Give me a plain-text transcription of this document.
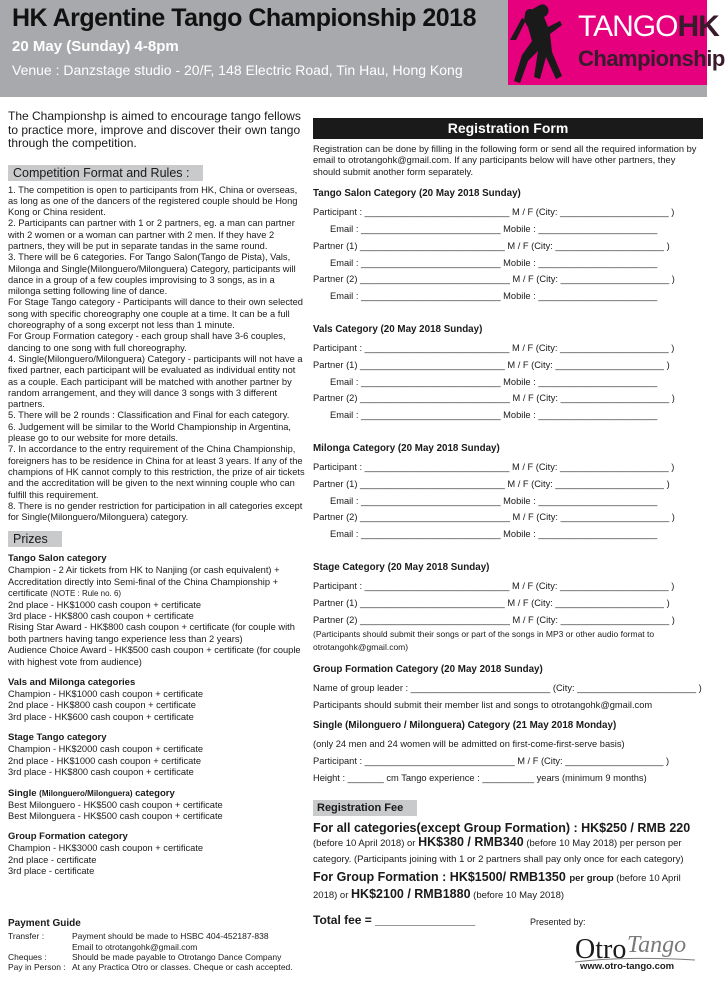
HK Argentine Tango Championship 2018
20 May (Sunday) 4-8pm
Venue : Danzstage studio - 20/F, 148 Electric Road, Tin Hau, Hong Kong
TANGOHK
Championship
The Championshp is aimed to encourage tango fellows to practice more, improve and discover their own tango through the competition.
Competition Format and Rules :
1. The competition is open to participants from HK, China or overseas, as long as one of the dancers of the registered couple should be Hong Kong or China resident.
2. Participants can partner with 1 or 2 partners, eg. a man can partner with 2 women or a woman can partner with 2 men. If they have 2 partners, they will be put in separate tandas in the same round.
3. There will be 6 categories. For Tango Salon(Tango de Pista), Vals, Milonga and Single(Milonguero/Milonguera) Category, participants will dance in a group of a few couples improvising to 3 songs, as in a milonga setting following line of dance.
For Stage Tango category - Participants will dance to their own selected song with specific choreography one couple at a time. It can be a full choreography of a song excerpt not less than 1 minute.
For Group Formation category - each group shall have 3-6 couples, dancing to one song with full choreography.
4. Single(Milonguero/Milonguera) Category - participants will not have a fixed partner, each participant will be evaluated as individual entity not as a couple. Each participant will be matched with another partner by random arrangement, and they will dance 3 songs with 3 different partners.
5. There will be 2 rounds : Classification and Final for each category.
6. Judgement will be similar to the World Championship in Argentina, please go to our website for more details.
7. In accordance to the entry requirement of the China Championship, foreigners has to be residence in China for at least 3 years. If any of the champions of HK cannot comply to this restriction, the prize of air tickets and the accreditation will be given to the next winning couple who can fulfill this requirement.
8. There is no gender restriction for participation in all categories except for Single(Milonguero/Milonguera) category.
Prizes
Tango Salon category
Champion - 2 Air tickets from HK to Nanjing (or cash equivalent) + Accreditation directly into Semi-final of the China Championship + certificate (NOTE : Rule no. 6)
2nd place - HK$1000 cash coupon + certificate
3rd place - HK$800 cash coupon + certificate
Rising Star Award - HK$800 cash coupon + certificate (for couple with both partners having tango experience less than 2 years)
Audience Choice Award - HK$500 cash coupon + certificate (for couple with highest vote from audience)
Vals and Milonga categories
Champion - HK$1000 cash coupon + certificate
2nd place - HK$800 cash coupon + certificate
3rd place - HK$600 cash coupon + certificate
Stage Tango category
Champion - HK$2000 cash coupon + certificate
2nd place - HK$1000 cash coupon + certificate
3rd place - HK$800 cash coupon + certificate
Single (Milonguero/Milonguera) category
Best Milonguero - HK$500 cash coupon + certificate
Best Milonguera - HK$500 cash coupon + certificate
Group Formation category
Champion - HK$3000 cash coupon + certificate
2nd place - certificate
3rd place - certificate
Payment Guide
Transfer :	Payment should be made to HSBC 404-452187-838
Email to otrotangohk@gmail.com
Cheques :	Should be made payable to Otrotango Dance Company
Pay in Person : At any Practica Otro or classes. Cheque or cash accepted.
Registration Form
Registration can be done by filling in the following form or send all the required information by email to otrotangohk@gmail.com. If any participants below will have other partners, they should submit another form separately.
Tango Salon Category (20 May 2018 Sunday)
Participant : ____________________________ M / F (City: _____________________ )
Email : ___________________________ Mobile : _______________________
Partner (1) ____________________________ M / F (City: _____________________ )
Email : ___________________________ Mobile : _______________________
Partner (2) _____________________________ M / F (City: _____________________ )
Email : ___________________________ Mobile : _______________________
Vals Category (20 May 2018 Sunday)
Participant : ____________________________ M / F (City: _____________________ )
Partner (1) ____________________________ M / F (City: _____________________ )
Email : ___________________________ Mobile : _______________________
Partner (2) _____________________________ M / F (City: _____________________ )
Email : ___________________________ Mobile : _______________________
Milonga Category (20 May 2018 Sunday)
Participant : ____________________________ M / F (City: _____________________ )
Partner (1) ____________________________ M / F (City: _____________________ )
Email : ___________________________ Mobile : _______________________
Partner (2) _____________________________ M / F (City: _____________________ )
Email : ___________________________ Mobile : _______________________
Stage Category (20 May 2018 Sunday)
Participant : ____________________________ M / F (City: _____________________ )
Partner (1) ____________________________ M / F (City: _____________________ )
Partner (2) _____________________________ M / F (City: _____________________ )
(Participants should submit their songs or part of the songs in MP3 or other audio format to otrotangohk@gmail.com)
Group Formation Category (20 May 2018 Sunday)
Name of group leader : ___________________________ (City: _______________________ )
Participants should submit their member list and songs to otrotangohk@gmail.com
Single (Milonguero / Milonguera) Category (21 May 2018 Monday)
(only 24 men and 24 women will be admitted on first-come-first-serve basis)
Participant : _____________________________ M / F (City: ___________________ )
Height : _______ cm Tango experience : __________ years (minimum 9 months)
Registration Fee
For all categories(except Group Formation) : HK$250 / RMB 220
(before 10 April 2018) or HK$380 / RMB340 (before 10 May 2018) per person per category. (Participants joining with 1 or 2 partners shall pay only once for each category)
For Group Formation : HK$1500/ RMB1350 per group (before 10 April 2018) or HK$2100 / RMB1880 (before 10 May 2018)
Total fee = _______________	Presented by:
Otro Tango
www.otro-tango.com
